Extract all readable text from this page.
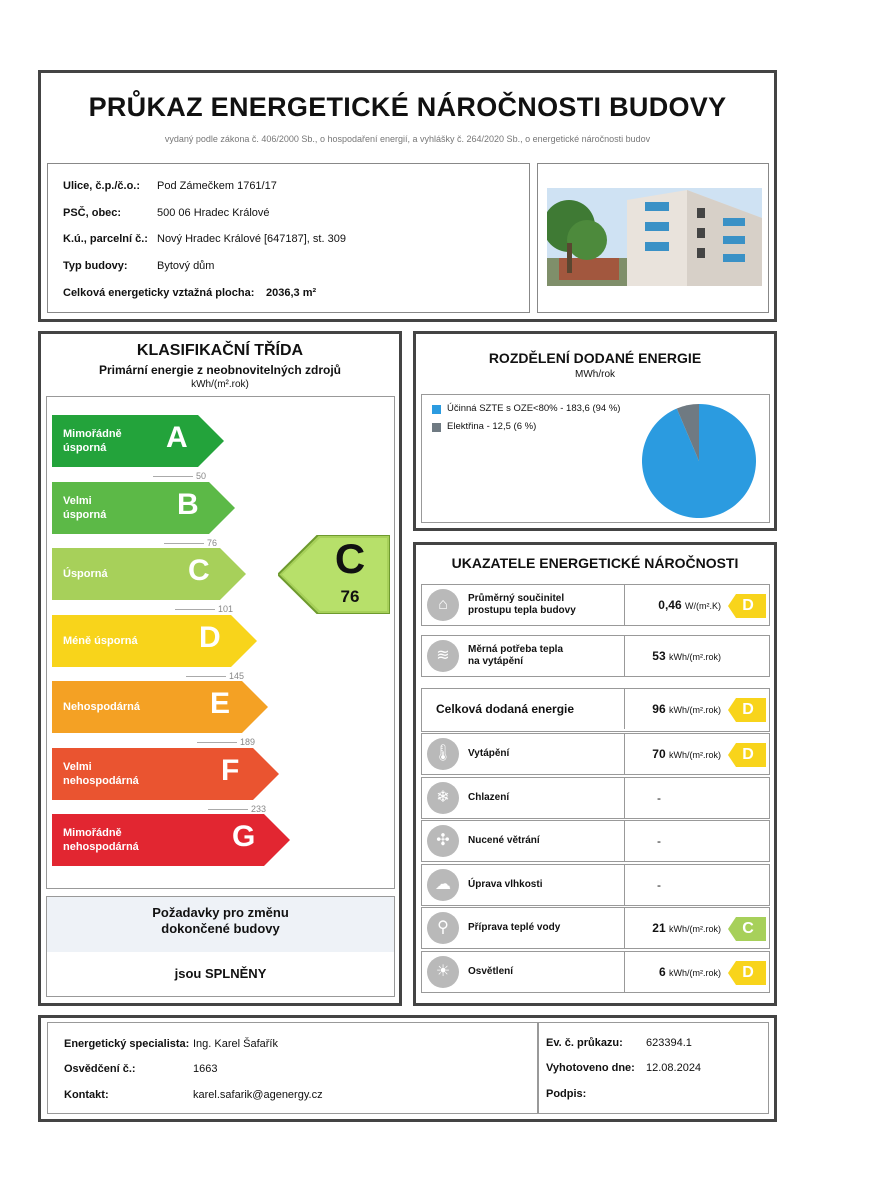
PRŮKAZ ENERGETICKÉ NÁROČNOSTI BUDOVY
vydaný podle zákona č. 406/2000 Sb., o hospodaření energií, a vyhlášky č. 264/2020 Sb., o energetické náročnosti budov
Ulice, č.p./č.o.: Pod Zámečkem 1761/17
PSČ, obec:	500 06 Hradec Králové
K.ú., parcelní č.: Nový Hradec Králové [647187], st. 309
Typ budovy:	Bytový dům
Celková energeticky vztažná plocha: 2036,3 m²
KLASIFIKAČNÍ TŘÍDA
Primární energie z neobnovitelných zdrojů
kWh/(m².rok)
Mimořádně
úsporná	A
50
Velmi
úsporná B
76
Úsporná	C
101
Méně úsporná D
145
Nehospodárná E
189
Velmi
nehospodárná	F
233
Mimořádně
nehospodárná	G
C
76
Požadavky pro změnu
dokončené budovy
jsou SPLNĚNY
ROZDĚLENÍ DODANÉ ENERGIE
MWh/rok
Účinná SZTE s OZE<80% - 183,6 (94 %)
Elektřina - 12,5 (6 %)
UKAZATELE ENERGETICKÉ NÁROČNOSTI
⌂	Průměrný součinitel
prostupu tepla budovy	0,46 W/(m².K)	D
≋	Měrná potřeba tepla
na vytápění	53 kWh/(m².rok)
Celková dodaná energie	96 kWh/(m².rok)	D
🌡	Vytápění	70 kWh/(m².rok)	D
❄	Chlazení	-
✣	Nucené větrání	-
☁	Úprava vlhkosti	-
⚲	Příprava teplé vody	21 kWh/(m².rok)	C
☀	Osvětlení	6 kWh/(m².rok)	D
Energetický specialista: Ing. Karel Šafařík
Osvědčení č.:	1663
Kontakt:	karel.safarik@agenergy.cz
Ev. č. průkazu: 623394.1
Vyhotoveno dne: 12.08.2024
Podpis:
